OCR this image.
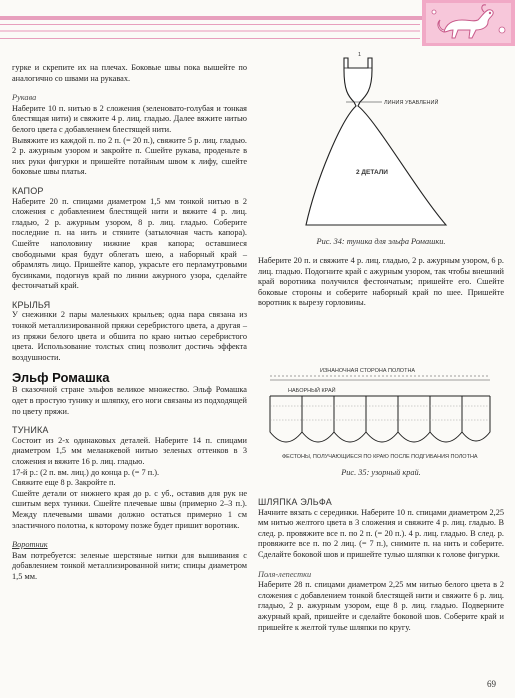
гурке и скрепите их на плечах. Боковые швы пока вышейте по аналогично со швами на рукавах.

Рукава

Наберите 10 п. нитью в 2 сложения (зеленовато-голубая и тонкая блестящая нити) и свяжите 4 р. лиц. гладью. Далее вяжите нитью белого цвета с добавлением блестящей нити.
Вывяжите из каждой п. по 2 п. (= 20 п.), свяжите 5 р. лиц. гладью. 2 р. ажурным узором и закройте п. Сшейте рукава, проденьте в них руки фигурки и пришейте потайным швом к лифу, сшейте боковые швы платья.

КАПОР

Наберите 20 п. спицами диаметром 1,5 мм тонкой нитью в 2 сложения с добавлением блестящей нити и вяжите 4 р. лиц. гладью, 2 р. ажурным узором, 8 р. лиц. гладью. Соберите последние п. на нить и стяните (затылочная часть капора). Сшейте наполовину нижние края капора; оставшиеся свободными края будут облегать шею, а наборный край – обрамлять лицо. Пришейте капор, украсьте его перламутровыми бусинками, подогнув край по линии ажурного узора, сделайте фестончатый край.

КРЫЛЬЯ

У снежинки 2 пары маленьких крыльев; одна пара связана из тонкой металлизированной пряжи серебристого цвета, а другая – из пряжи белого цвета и обшита по краю нитью серебристого цвета. Использование толстых спиц позволит достичь эффекта воздушности.

Эльф Ромашка

В сказочной стране эльфов великое множество. Эльф Ромашка одет в простую тунику и шляпку, его ноги связаны из подходящей по цвету пряжи.

ТУНИКА

Состоит из 2-х одинаковых деталей. Наберите 14 п. спицами диаметром 1,5 мм меланжевой нитью зеленых оттенков в 3 сложения и вяжите 16 р. лиц. гладью.
17-й р.: (2 п. вм. лиц.) до конца р. (= 7 п.).
Свяжите еще 8 р. Закройте п.
Сшейте детали от нижнего края до р. с уб., оставив для рук не сшитым верх туники. Сшейте плечевые швы (примерно 2–3 п.). Между плечевыми швами должно остаться примерно 1 см эластичного полотна, к которому позже будет пришит воротник.

Воротник

Вам потребуется: зеленые шерстяные нитки для вышивания с добавлением тонкой металлизированной нити; спицы диаметром 1,5 мм.

ЛИНИЯ УБАВЛЕНИЙ
1
2 ДЕТАЛИ
Рис. 34: туника для эльфа Ромашки.

Наберите 20 п. и свяжите 4 р. лиц. гладью, 2 р. ажурным узором, 6 р. лиц. гладью. Подогните край с ажурным узором, так чтобы внешний край воротника получился фестончатым; пришейте его. Сшейте боковые стороны и соберите наборный край по шее. Пришейте воротник к вырезу горловины.

ИЗНАНОЧНАЯ СТОРОНА ПОЛОТНА
НАБОРНЫЙ КРАЙ
ФЕСТОНЫ, ПОЛУЧАЮЩИЕСЯ ПО КРАЮ ПОСЛЕ ПОДГИБАНИЯ ПОЛОТНА
Рис. 35: узорный край.

ШЛЯПКА ЭЛЬФА

Начните вязать с серединки. Наберите 10 п. спицами диаметром 2,25 мм нитью желтого цвета в 3 сложения и свяжите 4 р. лиц. гладью. В след. р. провяжите все п. по 2 п. (= 20 п.). 4 р. лиц. гладью. В след. р. провяжите все п. по 2 лиц. (= 7 п.), снимите п. на нить и соберите. Сделайте боковой шов и пришейте тулью шляпки к голове фигурки.

Поля-лепестки

Наберите 28 п. спицами диаметром 2,25 мм нитью белого цвета в 2 сложения с добавлением тонкой блестящей нити и свяжите 6 р. лиц. гладью, 2 р. ажурным узором, еще 8 р. лиц. гладью. Подверните ажурный край, пришейте и сделайте боковой шов. Соберите край и пришейте к желтой тулье шляпки по кругу.

69
